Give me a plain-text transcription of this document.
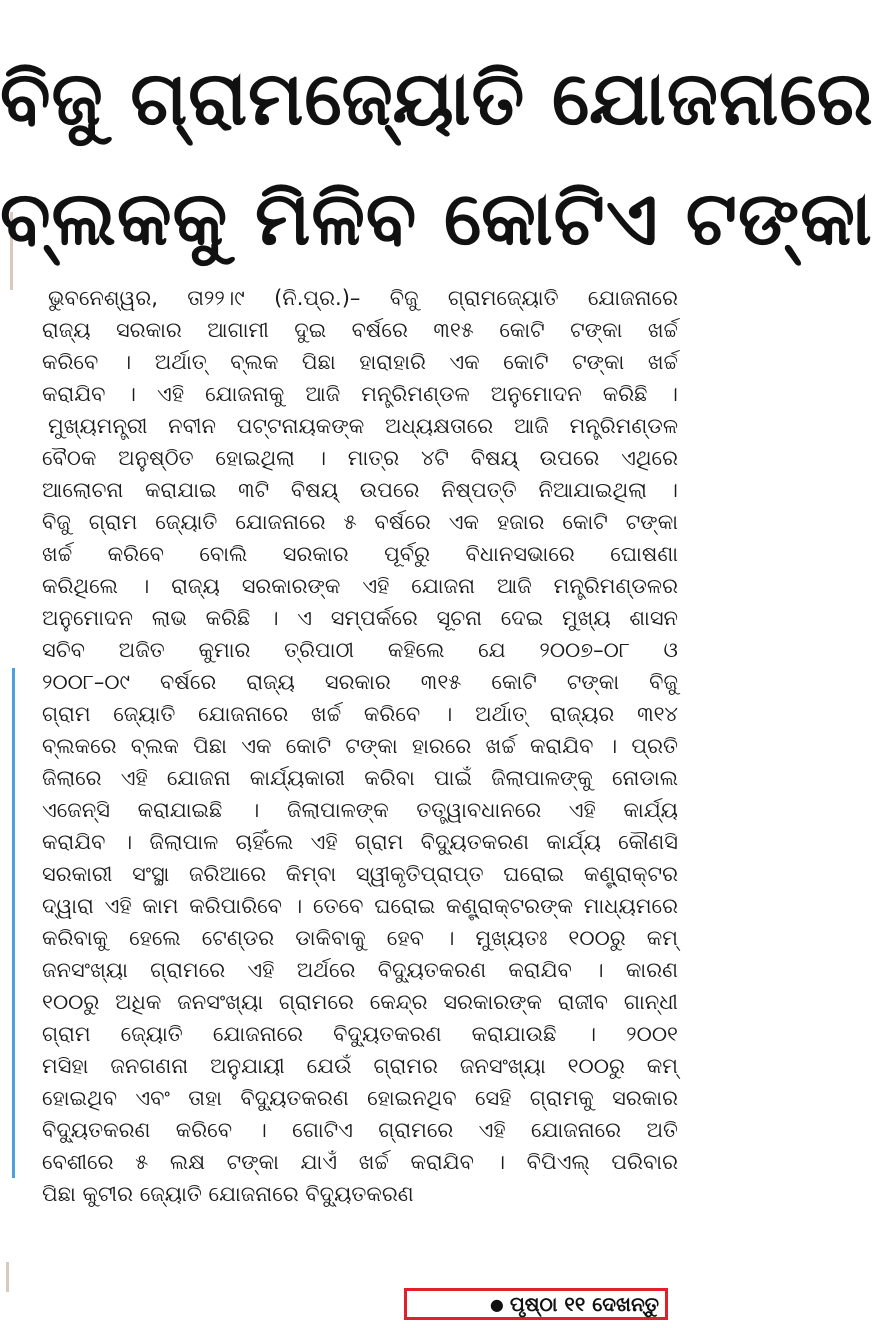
ବିଜୁ ଗ୍ରାମଜ୍ୟୋତି ଯୋଜନାରେ
ବ୍ଲକକୁ ମିଳିବ କୋଟିଏ ଟଙ୍କା
ଭୁବନେଶ୍ୱର, ତା୨୨।୯ (ନି.ପ୍ର.)– ବିଜୁ ଗ୍ରାମଜ୍ୟୋତି ଯୋଜନାରେ
ରାଜ୍ୟ ସରକାର ଆଗାମୀ ଦୁଇ ବର୍ଷରେ ୩୧୫ କୋଟି ଟଙ୍କା ଖର୍ଚ୍ଚ
କରିବେ । ଅର୍ଥାତ୍ ବ୍ଲକ ପିଛା ହାରାହାରି ଏକ କୋଟି ଟଙ୍କା ଖର୍ଚ୍ଚ
କରାଯିବ । ଏହି ଯୋଜନାକୁ ଆଜି ମନ୍ତ୍ରିମଣ୍ଡଳ ଅନୁମୋଦନ କରିଛି ।
ମୁଖ୍ୟମନ୍ତ୍ରୀ ନବୀନ ପଟ୍ଟନାୟକଙ୍କ ଅଧ୍ୟକ୍ଷତାରେ ଆଜି ମନ୍ତ୍ରିମଣ୍ଡଳ
ବୈଠକ ଅନୁଷ୍ଠିତ ହୋଇଥିଲା । ମାତ୍ର ୪ଟି ବିଷୟ୍ ଉପରେ ଏଥିରେ
ଆଲୋଚନା କରାଯାଇ ୩ଟି ବିଷୟ୍ ଉପରେ ନିଷ୍ପତ୍ତି ନିଆଯାଇଥିଲା ।
ବିଜୁ ଗ୍ରାମ ଜ୍ୟୋତି ଯୋଜନାରେ ୫ ବର୍ଷରେ ଏକ ହଜାର କୋଟି ଟଙ୍କା
ଖର୍ଚ୍ଚ କରିବେ ବୋଲି ସରକାର ପୂର୍ବରୁ ବିଧାନସଭାରେ ଘୋଷଣା
କରିଥିଲେ । ରାଜ୍ୟ ସରକାରଙ୍କ ଏହି ଯୋଜନା ଆଜି ମନ୍ତ୍ରିମଣ୍ଡଳର
ଅନୁମୋଦନ ଲାଭ କରିଛି । ଏ ସମ୍ପର୍କରେ ସୂଚନା ଦେଇ ମୁଖ୍ୟ ଶାସନ
ସଚିବ ଅଜିତ କୁମାର ତ୍ରିପାଠୀ କହିଲେ ଯେ ୨୦୦୭–୦୮ ଓ
୨୦୦୮–୦୯ ବର୍ଷରେ ରାଜ୍ୟ ସରକାର ୩୧୫ କୋଟି ଟଙ୍କା ବିଜୁ
ଗ୍ରାମ ଜ୍ୟୋତି ଯୋଜନାରେ ଖର୍ଚ୍ଚ କରିବେ । ଅର୍ଥାତ୍ ରାଜ୍ୟର ୩୧୪
ବ୍ଲକରେ ବ୍ଲକ ପିଛା ଏକ କୋଟି ଟଙ୍କା ହାରରେ ଖର୍ଚ୍ଚ କରାଯିବ । ପ୍ରତି
ଜିଲାରେ ଏହି ଯୋଜନା କାର୍ଯ୍ୟକାରୀ କରିବା ପାଇଁ ଜିଲାପାଳଙ୍କୁ ନୋଡାଲ
ଏଜେନ୍ସି କରାଯାଇଛି । ଜିଲାପାଳଙ୍କ ତତ୍ତ୍ୱାବଧାନରେ ଏହି କାର୍ଯ୍ୟ
କରାଯିବ । ଜିଲାପାଳ ଚାହିଁଲେ ଏହି ଗ୍ରାମ ବିଦ୍ୟୁତକରଣ କାର୍ଯ୍ୟ କୌଣସି
ସରକାରୀ ସଂସ୍ଥା ଜରିଆରେ କିମ୍ବା ସ୍ୱୀକୃତିପ୍ରାପ୍ତ ଘରୋଇ କଣ୍ଟ୍ରାକ୍ଟର
ଦ୍ୱାରା ଏହି କାମ କରିପାରିବେ । ତେବେ ଘରୋଇ କଣ୍ଟ୍ରାକ୍ଟରଙ୍କ ମାଧ୍ୟମରେ
କରିବାକୁ ହେଲେ ଟେଣ୍ଡର ଡାକିବାକୁ ହେବ । ମୁଖ୍ୟତଃ ୧୦୦ରୁ କମ୍
ଜନସଂଖ୍ୟା ଗ୍ରାମରେ ଏହି ଅର୍ଥରେ ବିଦ୍ୟୁତକରଣ କରାଯିବ । କାରଣ
୧୦୦ରୁ ଅଧିକ ଜନସଂଖ୍ୟା ଗ୍ରାମରେ କେନ୍ଦ୍ର ସରକାରଙ୍କ ରାଜୀବ ଗାନ୍ଧୀ
ଗ୍ରାମ ଜ୍ୟୋତି ଯୋଜନାରେ ବିଦ୍ୟୁତକରଣ କରାଯାଉଛି । ୨୦୦୧
ମସିହା ଜନଗଣନା ଅନୁଯାୟୀ ଯେଉଁ ଗ୍ରାମର ଜନସଂଖ୍ୟା ୧୦୦ରୁ କମ୍
ହୋଇଥିବ ଏବଂ ତାହା ବିଦ୍ୟୁତକରଣ ହୋଇନଥିବ ସେହି ଗ୍ରାମକୁ ସରକାର
ବିଦ୍ୟୁତକରଣ କରିବେ । ଗୋଟିଏ ଗ୍ରାମରେ ଏହି ଯୋଜନାରେ ଅତି
ବେଶୀରେ ୫ ଲକ୍ଷ ଟଙ୍କା ଯାଏଁ ଖର୍ଚ୍ଚ କରାଯିବ । ବିପିଏଲ୍ ପରିବାର
ପିଛା କୁଟୀର ଜ୍ୟୋତି ଯୋଜନାରେ ବିଦ୍ୟୁତକରଣ
● ପୃଷ୍ଠା ୧୧ ଦେଖନ୍ତୁ
